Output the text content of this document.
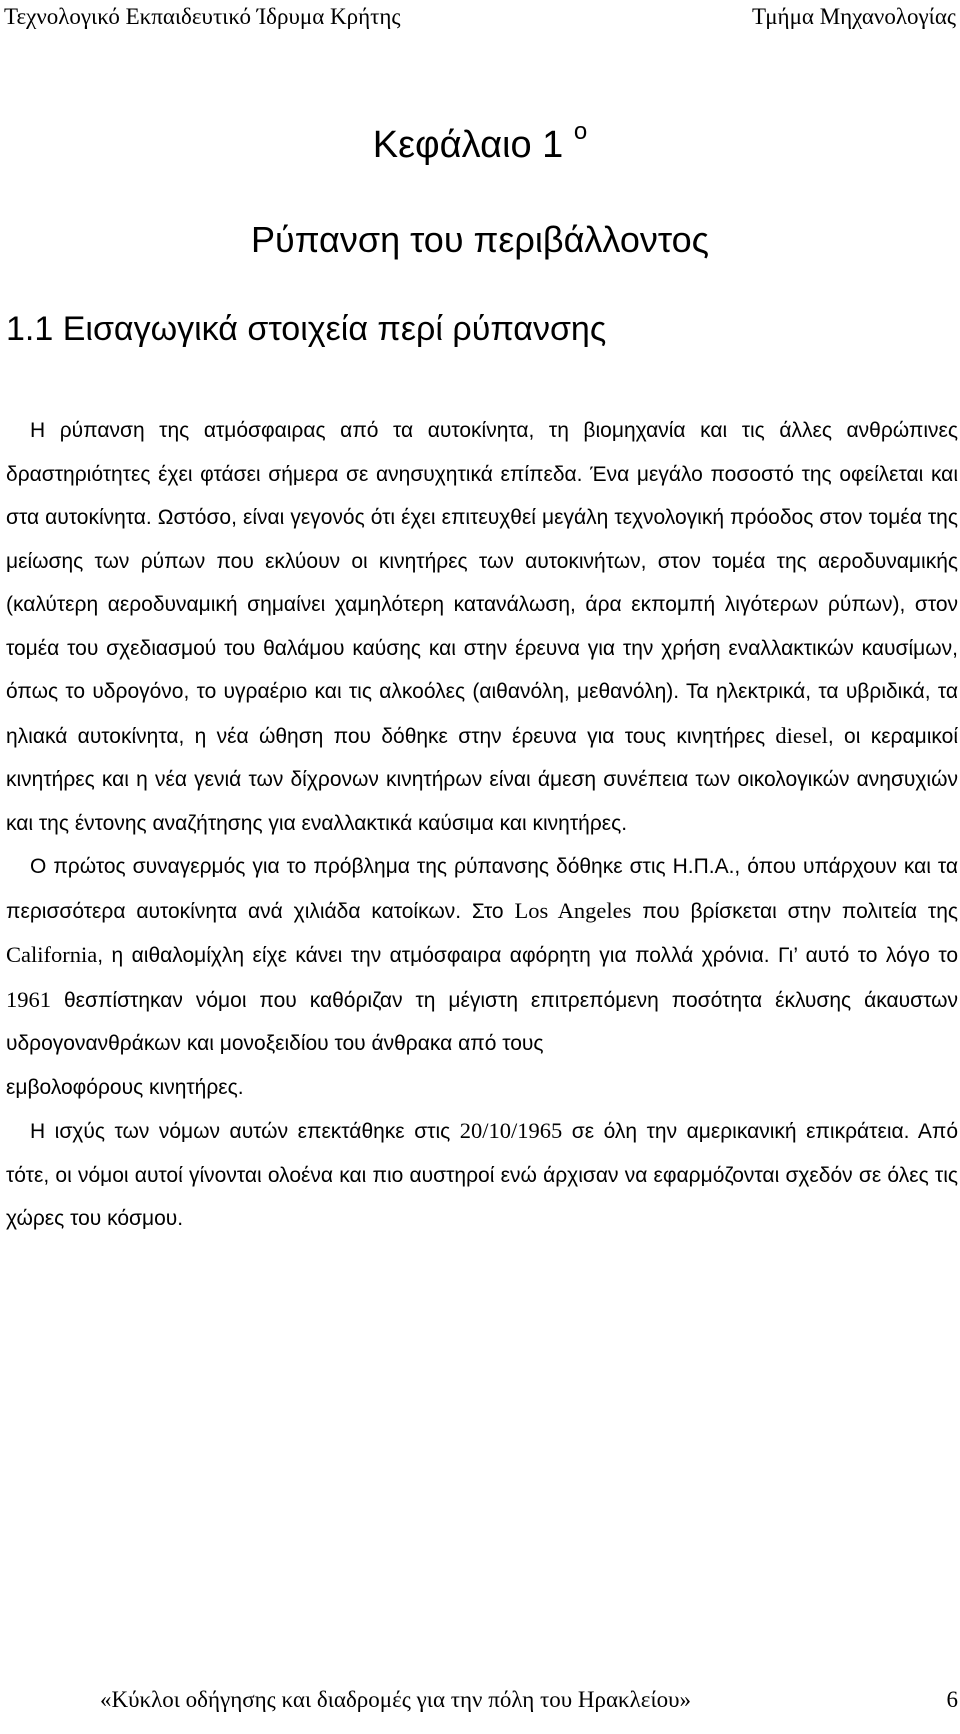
Τεχνολογικό Εκπαιδευτικό Ίδρυμα Κρήτης	Τμήμα Μηχανολογίας
Κεφάλαιο 1 $^o$
Ρύπανση του περιβάλλοντος
1.1 Εισαγωγικά στοιχεία περί ρύπανσης

Η ρύπανση της ατμόσφαιρας από τα αυτοκίνητα, τη βιομηχανία και τις άλλες ανθρώπινες δραστηριότητες έχει φτάσει σήμερα σε ανησυχητικά επίπεδα. Ένα μεγάλο ποσοστό της οφείλεται και στα αυτοκίνητα. Ωστόσο, είναι γεγονός ότι έχει επιτευχθεί μεγάλη τεχνολογική πρόοδος στον τομέα της μείωσης των ρύπων που εκλύουν οι κινητήρες των αυτοκινήτων, στον τομέα της αεροδυναμικής (καλύτερη αεροδυναμική σημαίνει χαμηλότερη κατανάλωση, άρα εκπομπή λιγότερων ρύπων), στον τομέα του σχεδιασμού του θαλάμου καύσης και στην έρευνα για την χρήση εναλλακτικών καυσίμων, όπως το υδρογόνο, το υγραέριο και τις αλκοόλες (αιθανόλη, μεθανόλη). Τα ηλεκτρικά, τα υβριδικά, τα ηλιακά αυτοκίνητα, η νέα ώθηση που δόθηκε στην έρευνα για τους κινητήρες diesel, οι κεραμικοί κινητήρες και η νέα γενιά των δίχρονων κινητήρων είναι άμεση συνέπεια των οικολογικών ανησυχιών και της έντονης αναζήτησης για εναλλακτικά καύσιμα και κινητήρες.

Ο πρώτος συναγερμός για το πρόβλημα της ρύπανσης δόθηκε στις Η.Π.Α., όπου υπάρχουν και τα περισσότερα αυτοκίνητα ανά χιλιάδα κατοίκων. Στο Los Angeles που βρίσκεται στην πολιτεία της California, η αιθαλομίχλη είχε κάνει την ατμόσφαιρα αφόρητη για πολλά χρόνια. Γι’ αυτό το λόγο το 1961 θεσπίστηκαν νόμοι που καθόριζαν τη μέγιστη επιτρεπόμενη ποσότητα έκλυσης άκαυστων υδρογονανθράκων και μονοξειδίου του άνθρακα από τους

εμβολοφόρους κινητήρες.

Η ισχύς των νόμων αυτών επεκτάθηκε στις 20/10/1965 σε όλη την αμερικανική επικράτεια. Από τότε, οι νόμοι αυτοί γίνονται ολοένα και πιο αυστηροί ενώ άρχισαν να εφαρμόζονται σχεδόν σε όλες τις χώρες του κόσμου.

«Κύκλοι οδήγησης και διαδρομές για την πόλη του Ηρακλείου»	6
